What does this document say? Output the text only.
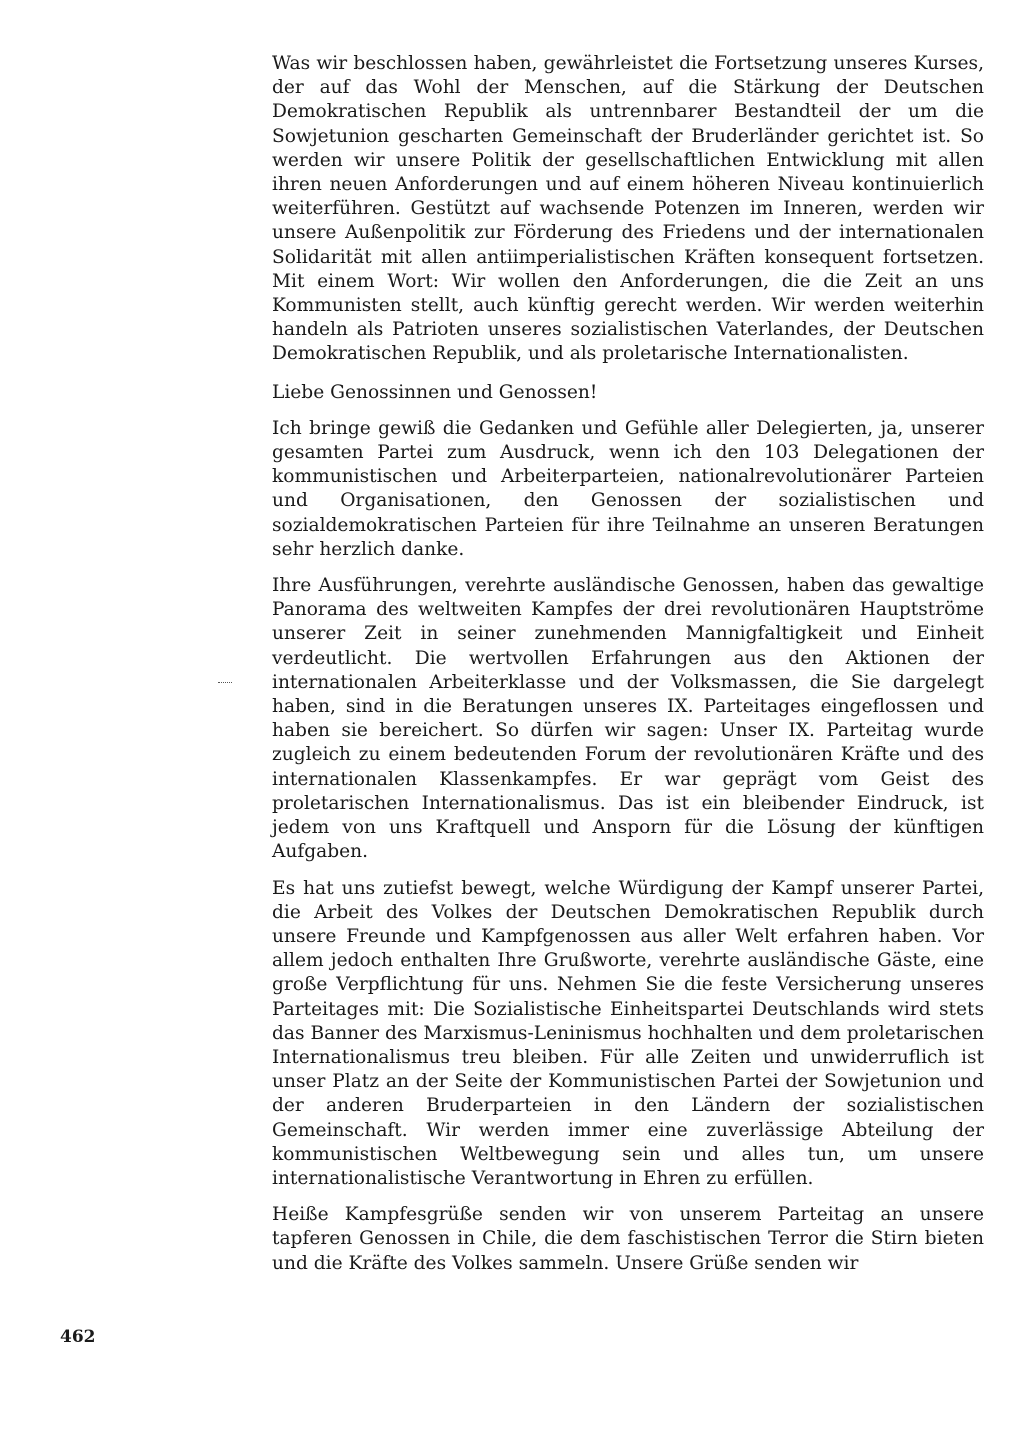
Was wir beschlossen haben, gewährleistet die Fortsetzung unseres Kurses, der auf das Wohl der Menschen, auf die Stärkung der Deutschen Demokratischen Republik als untrennbarer Bestandteil der um die Sowjetunion gescharten Gemeinschaft der Bruderländer gerichtet ist. So werden wir unsere Politik der gesellschaftlichen Entwicklung mit allen ihren neuen Anforderungen und auf einem höheren Niveau kontinuierlich weiterführen. Gestützt auf wachsende Potenzen im Inneren, werden wir unsere Außenpolitik zur Förderung des Friedens und der internationalen Solidarität mit allen antiimperialistischen Kräften konsequent fortsetzen. Mit einem Wort: Wir wollen den Anforderungen, die die Zeit an uns Kommunisten stellt, auch künftig gerecht werden. Wir werden weiterhin handeln als Patrioten unseres sozialistischen Vaterlandes, der Deutschen Demokratischen Republik, und als proletarische Internationalisten.

Liebe Genossinnen und Genossen!

Ich bringe gewiß die Gedanken und Gefühle aller Delegierten, ja, unserer gesamten Partei zum Ausdruck, wenn ich den 103 Delegationen der kommunistischen und Arbeiterparteien, nationalrevolutionärer Parteien und Organisationen, den Genossen der sozialistischen und sozialdemokratischen Parteien für ihre Teilnahme an unseren Beratungen sehr herzlich danke.

Ihre Ausführungen, verehrte ausländische Genossen, haben das gewaltige Panorama des weltweiten Kampfes der drei revolutionären Hauptströme unserer Zeit in seiner zunehmenden Mannigfaltigkeit und Einheit verdeutlicht. Die wertvollen Erfahrungen aus den Aktionen der internationalen Arbeiterklasse und der Volksmassen, die Sie dargelegt haben, sind in die Beratungen unseres IX. Parteitages eingeflossen und haben sie bereichert. So dürfen wir sagen: Unser IX. Parteitag wurde zugleich zu einem bedeutenden Forum der revolutionären Kräfte und des internationalen Klassenkampfes. Er war geprägt vom Geist des proletarischen Internationalismus. Das ist ein bleibender Eindruck, ist jedem von uns Kraftquell und Ansporn für die Lösung der künftigen Aufgaben.

Es hat uns zutiefst bewegt, welche Würdigung der Kampf unserer Partei, die Arbeit des Volkes der Deutschen Demokratischen Republik durch unsere Freunde und Kampfgenossen aus aller Welt erfahren haben. Vor allem jedoch enthalten Ihre Grußworte, verehrte ausländische Gäste, eine große Verpflichtung für uns. Nehmen Sie die feste Versicherung unseres Parteitages mit: Die Sozialistische Einheitspartei Deutschlands wird stets das Banner des Marxismus-Leninismus hochhalten und dem proletarischen Internationalismus treu bleiben. Für alle Zeiten und unwiderruflich ist unser Platz an der Seite der Kommunistischen Partei der Sowjetunion und der anderen Bruderparteien in den Ländern der sozialistischen Gemeinschaft. Wir werden immer eine zuverlässige Abteilung der kommunistischen Weltbewegung sein und alles tun, um unsere internationalistische Verantwortung in Ehren zu erfüllen.

Heiße Kampfesgrüße senden wir von unserem Parteitag an unsere tapferen Genossen in Chile, die dem faschistischen Terror die Stirn bieten und die Kräfte des Volkes sammeln. Unsere Grüße senden wir

462
